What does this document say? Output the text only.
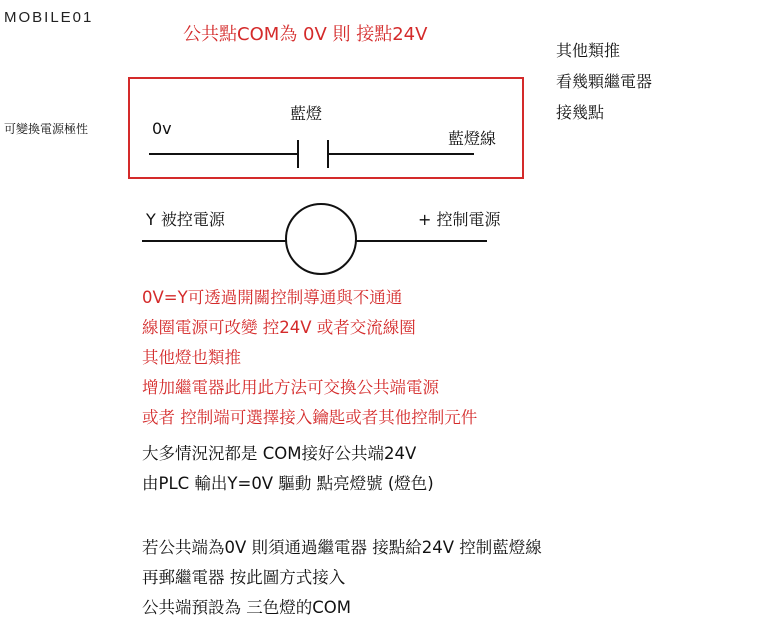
MOBILE01
公共點COM為 0V 則 接點24V
其他類推
看幾顆繼電器
接幾點
可變換電源極性	0v
藍燈
藍燈線
Y 被控電源	+ 控制電源
0V=Y可透過開關控制導通與不通通
線圈電源可改變 控24V 或者交流線圈
其他燈也類推
增加繼電器此用此方法可交換公共端電源
或者 控制端可選擇接入鑰匙或者其他控制元件
大多情況況都是 COM接好公共端24V
由PLC 輸出Y=0V 驅動 點亮燈號 (燈色)
若公共端為0V 則須通過繼電器 接點給24V 控制藍燈線
再郵繼電器 按此圖方式接入
公共端預設為 三色燈的COM
